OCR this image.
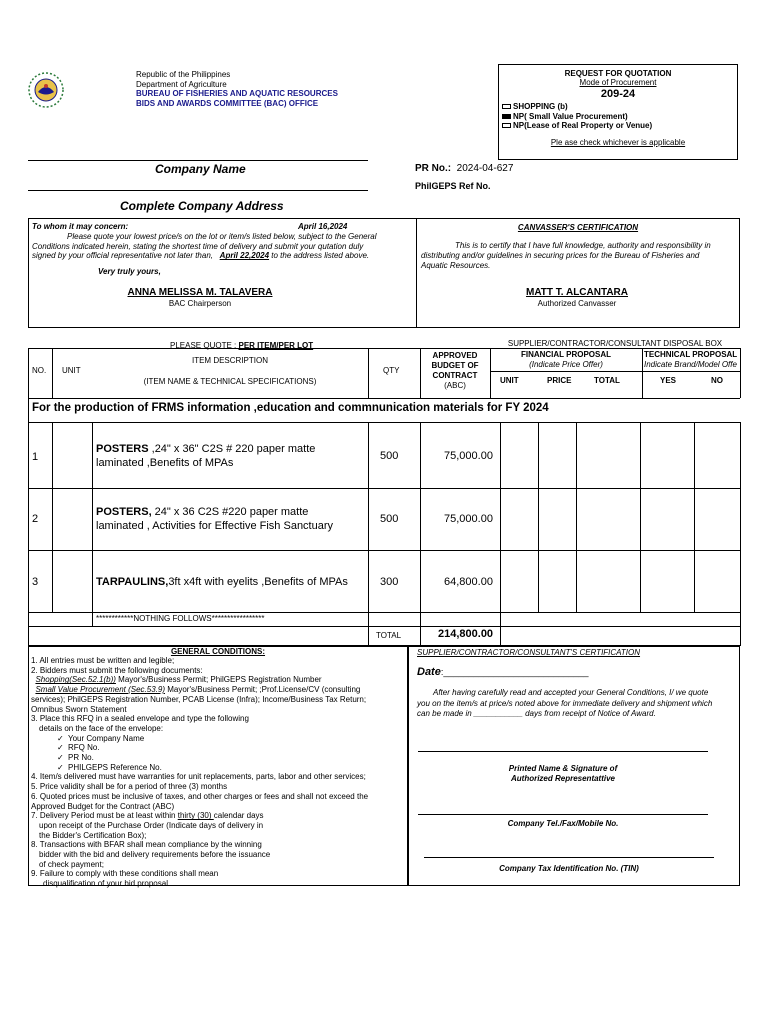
Republic of the Philippines
Department of Agriculture
BUREAU OF FISHERIES AND AQUATIC RESOURCES
BIDS AND AWARDS COMMITTEE (BAC) OFFICE
REQUEST FOR QUOTATION
Mode of Procurement
209-24
SHOPPING (b)
NP( Small Value Procurement)
NP(Lease of Real Property or Venue)
Ple ase check whichever is applicable
Company Name
Complete Company Address
PR No.: 2024-04-627
PhilGEPS Ref No.
To whom it may concern:	April 16,2024
Please quote your lowest price/s on the lot or item/s listed below, subject to the General
Conditions indicated herein, stating the shortest time of delivery and submit your qutation duly
signed by your official representative not later than, April 22,2024 to the address listed above.
Very truly yours,
ANNA MELISSA M. TALAVERA
BAC Chairperson
CANVASSER'S CERTIFICATION
This is to certify that I have full knowledge, authority and responsibility in
distributing and/or guidelines in securing prices for the Bureau of Fisheries and
Aquatic Resources.
MATT T. ALCANTARA
Authorized Canvasser
PLEASE QUOTE : PER ITEM/PER LOT	SUPPLIER/CONTRACTOR/CONSULTANT DISPOSAL BOX
NO. UNIT
ITEM DESCRIPTION
(ITEM NAME & TECHNICAL SPECIFICATIONS)
QTY
APPROVED
BUDGET OF
CONTRACT
(ABC)
FINANCIAL PROPOSAL
(Indicate Price Offer)
TECHNICAL PROPOSAL
Indicate Brand/Model Offe
UNIT	PRICE	TOTAL	YES	NO
For the production of FRMS information ,education and commnunication materials for FY 2024
1
POSTERS ,24" x 36" C2S # 220 paper matte
laminated ,Benefits of MPAs
500	75,000.00
2
POSTERS, 24" x 36 C2S #220 paper matte
laminated , Activities for Effective Fish Sanctuary
500	75,000.00
3	TARPAULINS,3ft x4ft with eyelits ,Benefits of MPAs	300	64,800.00
************NOTHING FOLLOWS*****************
TOTAL	214,800.00
GENERAL CONDITIONS:
1. All entries must be written and legible;
2. Bidders must submit the following documents:
Shopping(Sec.52.1(b)) Mayor's/Business Permit; PhilGEPS Registration Number
Small Value Procurement (Sec.53.9) Mayor's/Business Permit; ;Prof.License/CV (consulting
services); PhilGEPS Registration Number, PCAB License (Infra); Income/Business Tax Return;
Omnibus Sworn Statement
3. Place this RFQ in a sealed envelope and type the following
details on the face of the envelope:
✓ Your Company Name
✓ RFQ No.
✓ PR No.
✓ PHILGEPS Reference No.
4. Item/s delivered must have warranties for unit replacements, parts, labor and other services;
5. Price validity shall be for a period of three (3) months
6. Quoted prices must be inclusive of taxes, and other charges or fees and shall not exceed the
Approved Budget for the Contract (ABC)
7. Delivery Period must be at least within thirty (30) calendar days
upon receipt of the Purchase Order (Indicate days of delivery in
the Bidder's Certification Box);
8. Transactions with BFAR shall mean compliance by the winning
bidder with the bid and delivery requirements before the issuance
of check payment;
9. Failure to comply with these conditions shall mean
disqualification of your bid proposal.
SUPPLIER/CONTRACTOR/CONSULTANT'S CERTIFICATION
Date:_____________________________
After having carefully read and accepted your General Conditions, I/ we quote
you on the item/s at price/s noted above for immediate delivery and shipment which
can be made in ___________ days from receipt of Notice of Award.
Printed Name & Signature of
Authorized Representattive
Company Tel./Fax/Mobile No.
Company Tax Identification No. (TIN)
